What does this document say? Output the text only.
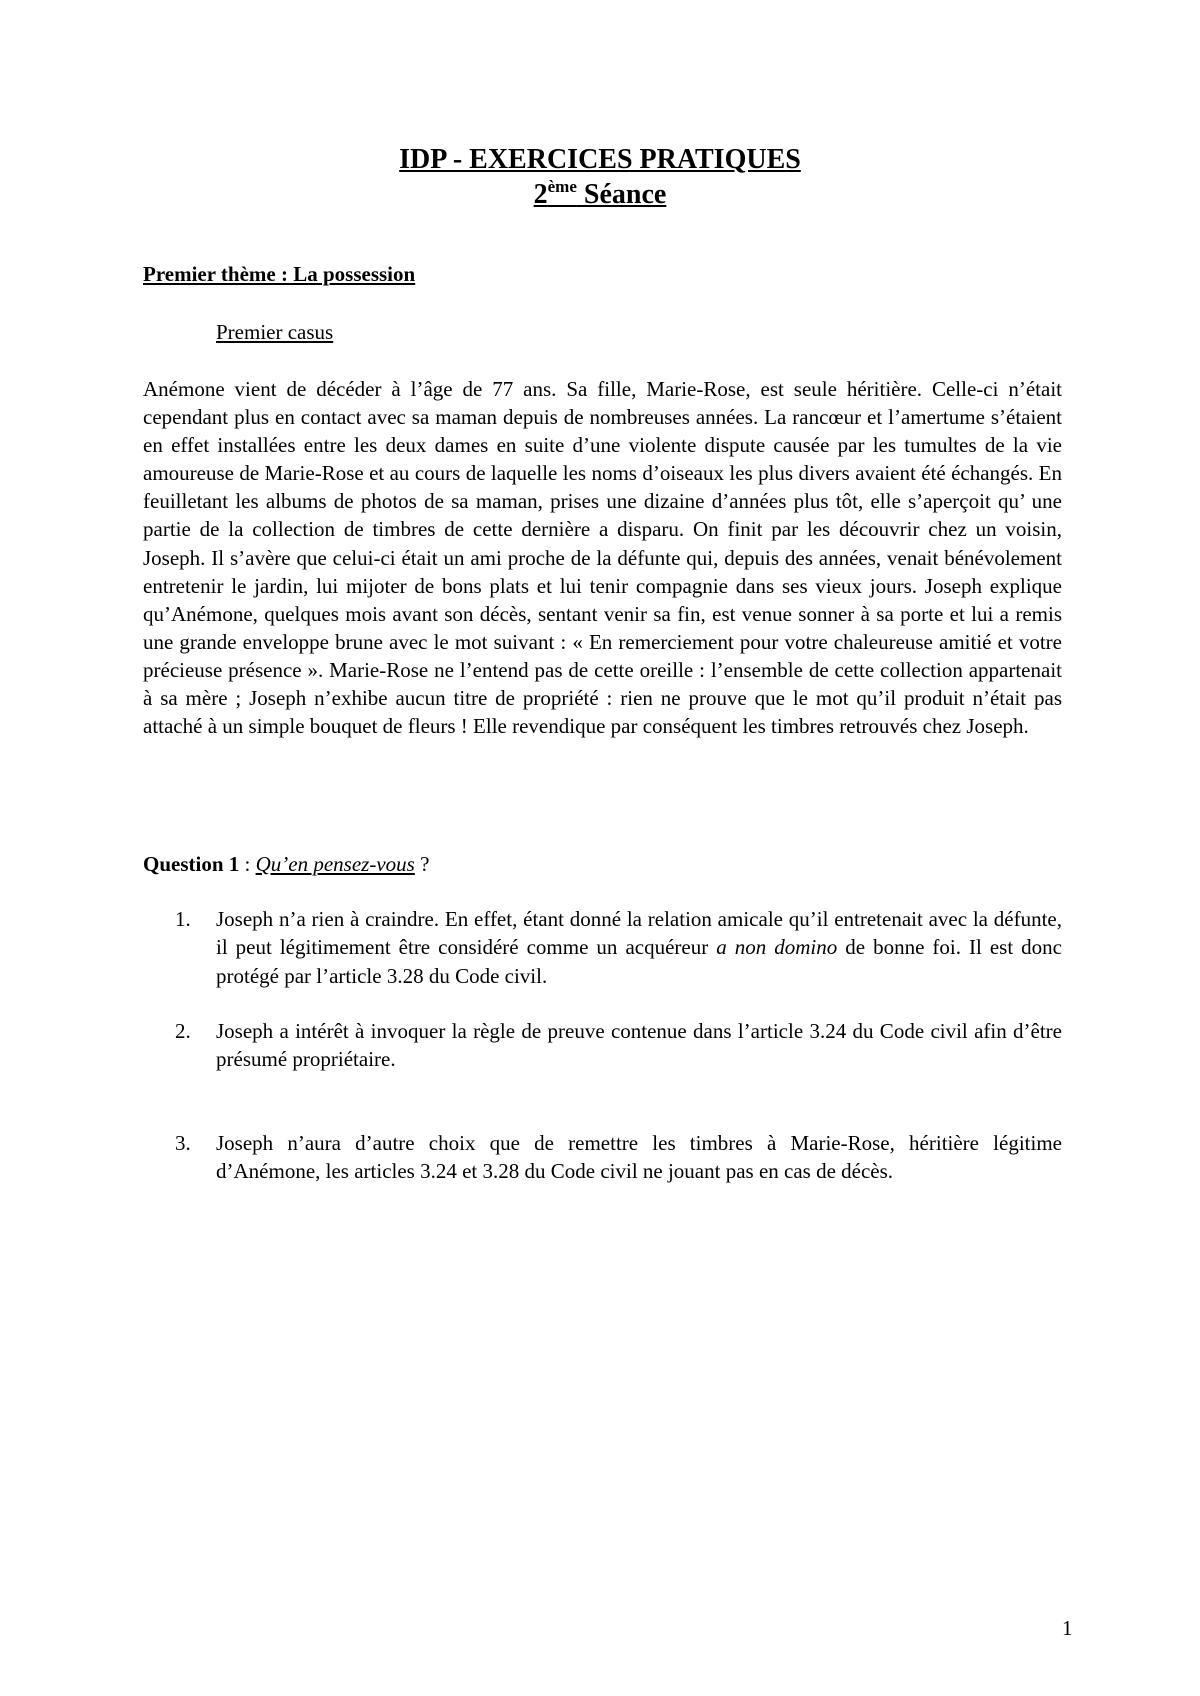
IDP - EXERCICES PRATIQUES
2ème Séance
Premier thème : La possession
Premier casus

Anémone vient de décéder à l’âge de 77 ans. Sa fille, Marie-Rose, est seule héritière. Celle-ci n’était cependant plus en contact avec sa maman depuis de nombreuses années. La rancœur et l’amertume s’étaient en effet installées entre les deux dames en suite d’une violente dispute causée par les tumultes de la vie amoureuse de Marie-Rose et au cours de laquelle les noms d’oiseaux les plus divers avaient été échangés. En feuilletant les albums de photos de sa maman, prises une dizaine d’années plus tôt, elle s’aperçoit qu’ une partie de la collection de timbres de cette dernière a disparu. On finit par les découvrir chez un voisin, Joseph. Il s’avère que celui-ci était un ami proche de la défunte qui, depuis des années, venait bénévolement entretenir le jardin, lui mijoter de bons plats et lui tenir compagnie dans ses vieux jours. Joseph explique qu’Anémone, quelques mois avant son décès, sentant venir sa fin, est venue sonner à sa porte et lui a remis une grande enveloppe brune avec le mot suivant : « En remerciement pour votre chaleureuse amitié et votre précieuse présence ». Marie-Rose ne l’entend pas de cette oreille : l’ensemble de cette collection appartenait à sa mère ; Joseph n’exhibe aucun titre de propriété : rien ne prouve que le mot qu’il produit n’était pas attaché à un simple bouquet de fleurs ! Elle revendique par conséquent les timbres retrouvés chez Joseph.

Question 1 : Qu’en pensez-vous ?
1.	Joseph n’a rien à craindre. En effet, étant donné la relation amicale qu’il entretenait avec la défunte, il peut légitimement être considéré comme un acquéreur a non domino de bonne foi. Il est donc protégé par l’article 3.28 du Code civil.
2.	Joseph a intérêt à invoquer la règle de preuve contenue dans l’article 3.24 du Code civil afin d’être présumé propriétaire.
3.	Joseph n’aura d’autre choix que de remettre les timbres à Marie-Rose, héritière légitime d’Anémone, les articles 3.24 et 3.28 du Code civil ne jouant pas en cas de décès.
1
